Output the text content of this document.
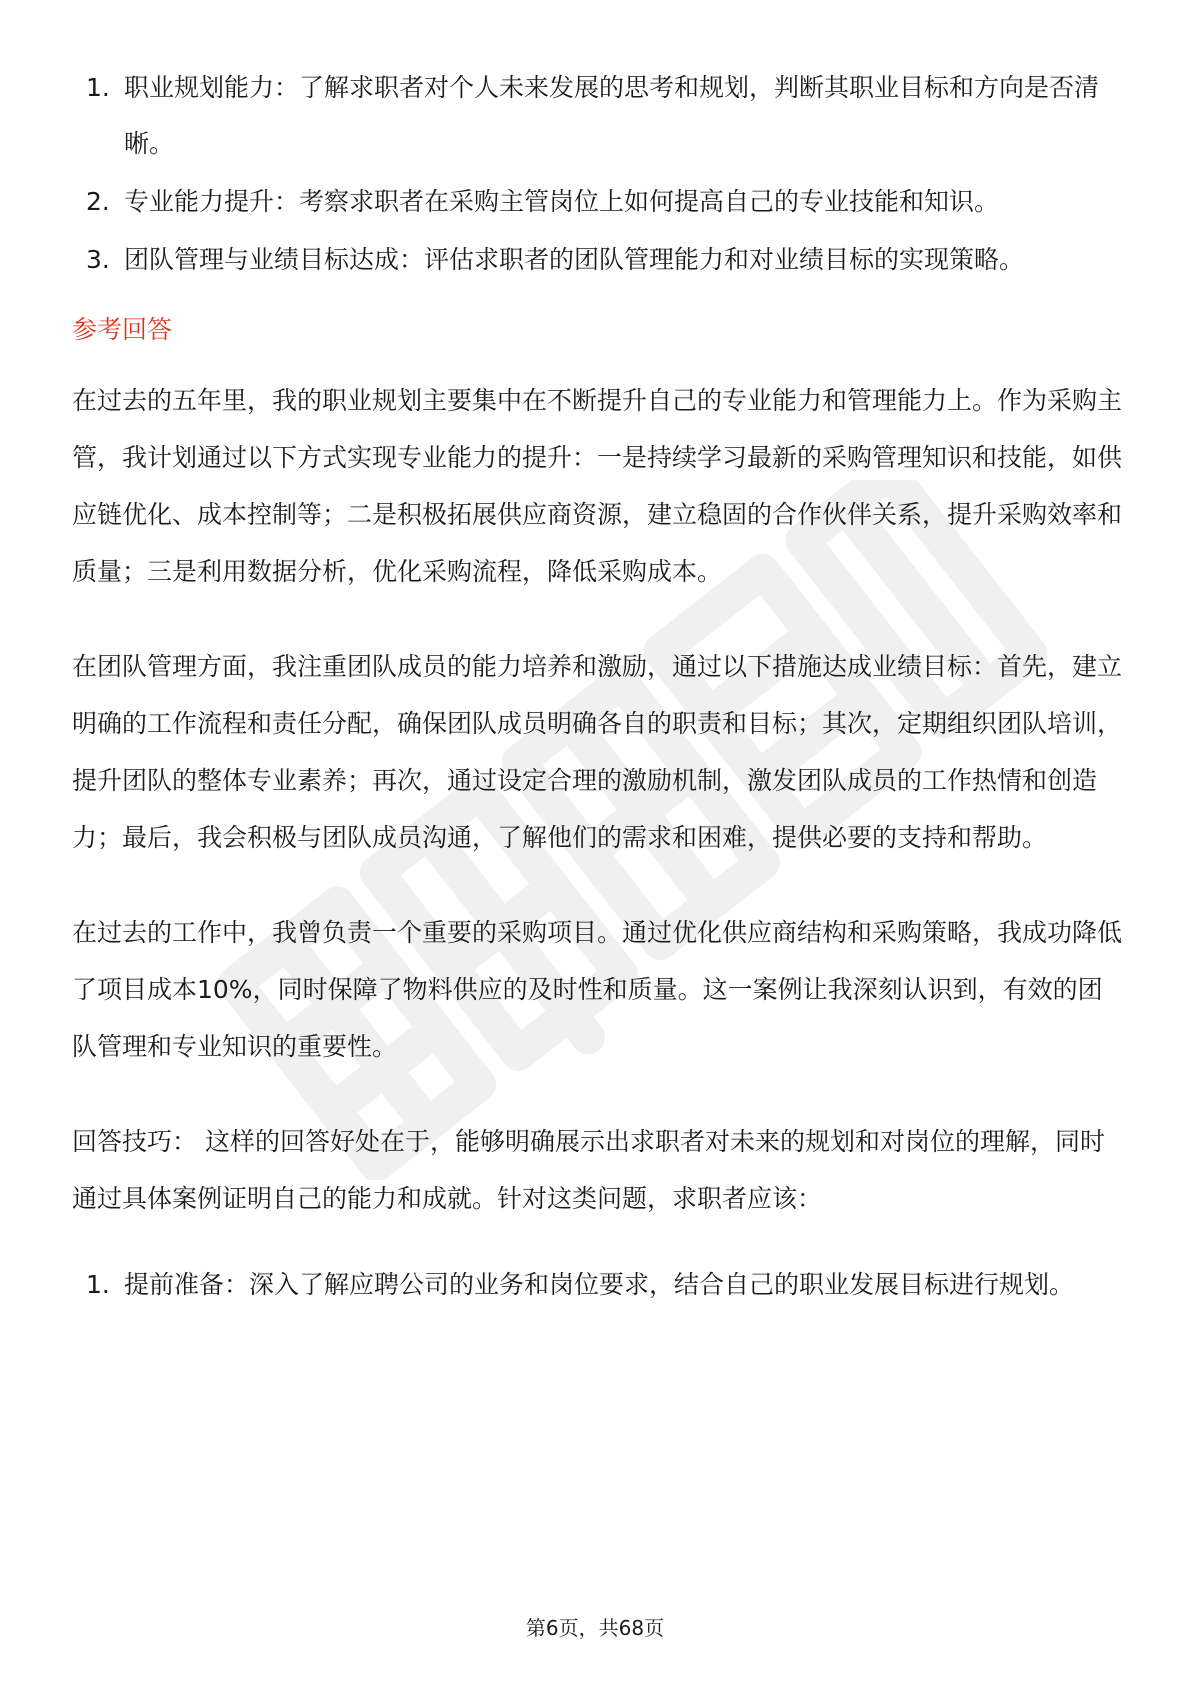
1. 职业规划能力：了解求职者对个人未来发展的思考和规划，判断其职业目标和方向是否清晰。
2. 专业能力提升：考察求职者在采购主管岗位上如何提高自己的专业技能和知识。
3. 团队管理与业绩目标达成：评估求职者的团队管理能力和对业绩目标的实现策略。
参考回答

在过去的五年里，我的职业规划主要集中在不断提升自己的专业能力和管理能力上。作为采购主管，我计划通过以下方式实现专业能力的提升：一是持续学习最新的采购管理知识和技能，如供应链优化、成本控制等；二是积极拓展供应商资源，建立稳固的合作伙伴关系，提升采购效率和质量；三是利用数据分析，优化采购流程，降低采购成本。

在团队管理方面，我注重团队成员的能力培养和激励，通过以下措施达成业绩目标：首先，建立明确的工作流程和责任分配，确保团队成员明确各自的职责和目标；其次，定期组织团队培训，提升团队的整体专业素养；再次，通过设定合理的激励机制，激发团队成员的工作热情和创造力；最后，我会积极与团队成员沟通，了解他们的需求和困难，提供必要的支持和帮助。

在过去的工作中，我曾负责一个重要的采购项目。通过优化供应商结构和采购策略，我成功降低了项目成本10%，同时保障了物料供应的及时性和质量。这一案例让我深刻认识到，有效的团队管理和专业知识的重要性。

回答技巧： 这样的回答好处在于，能够明确展示出求职者对未来的规划和对岗位的理解，同时通过具体案例证明自己的能力和成就。针对这类问题，求职者应该：

1. 提前准备：深入了解应聘公司的业务和岗位要求，结合自己的职业发展目标进行规划。
第6页，共68页
